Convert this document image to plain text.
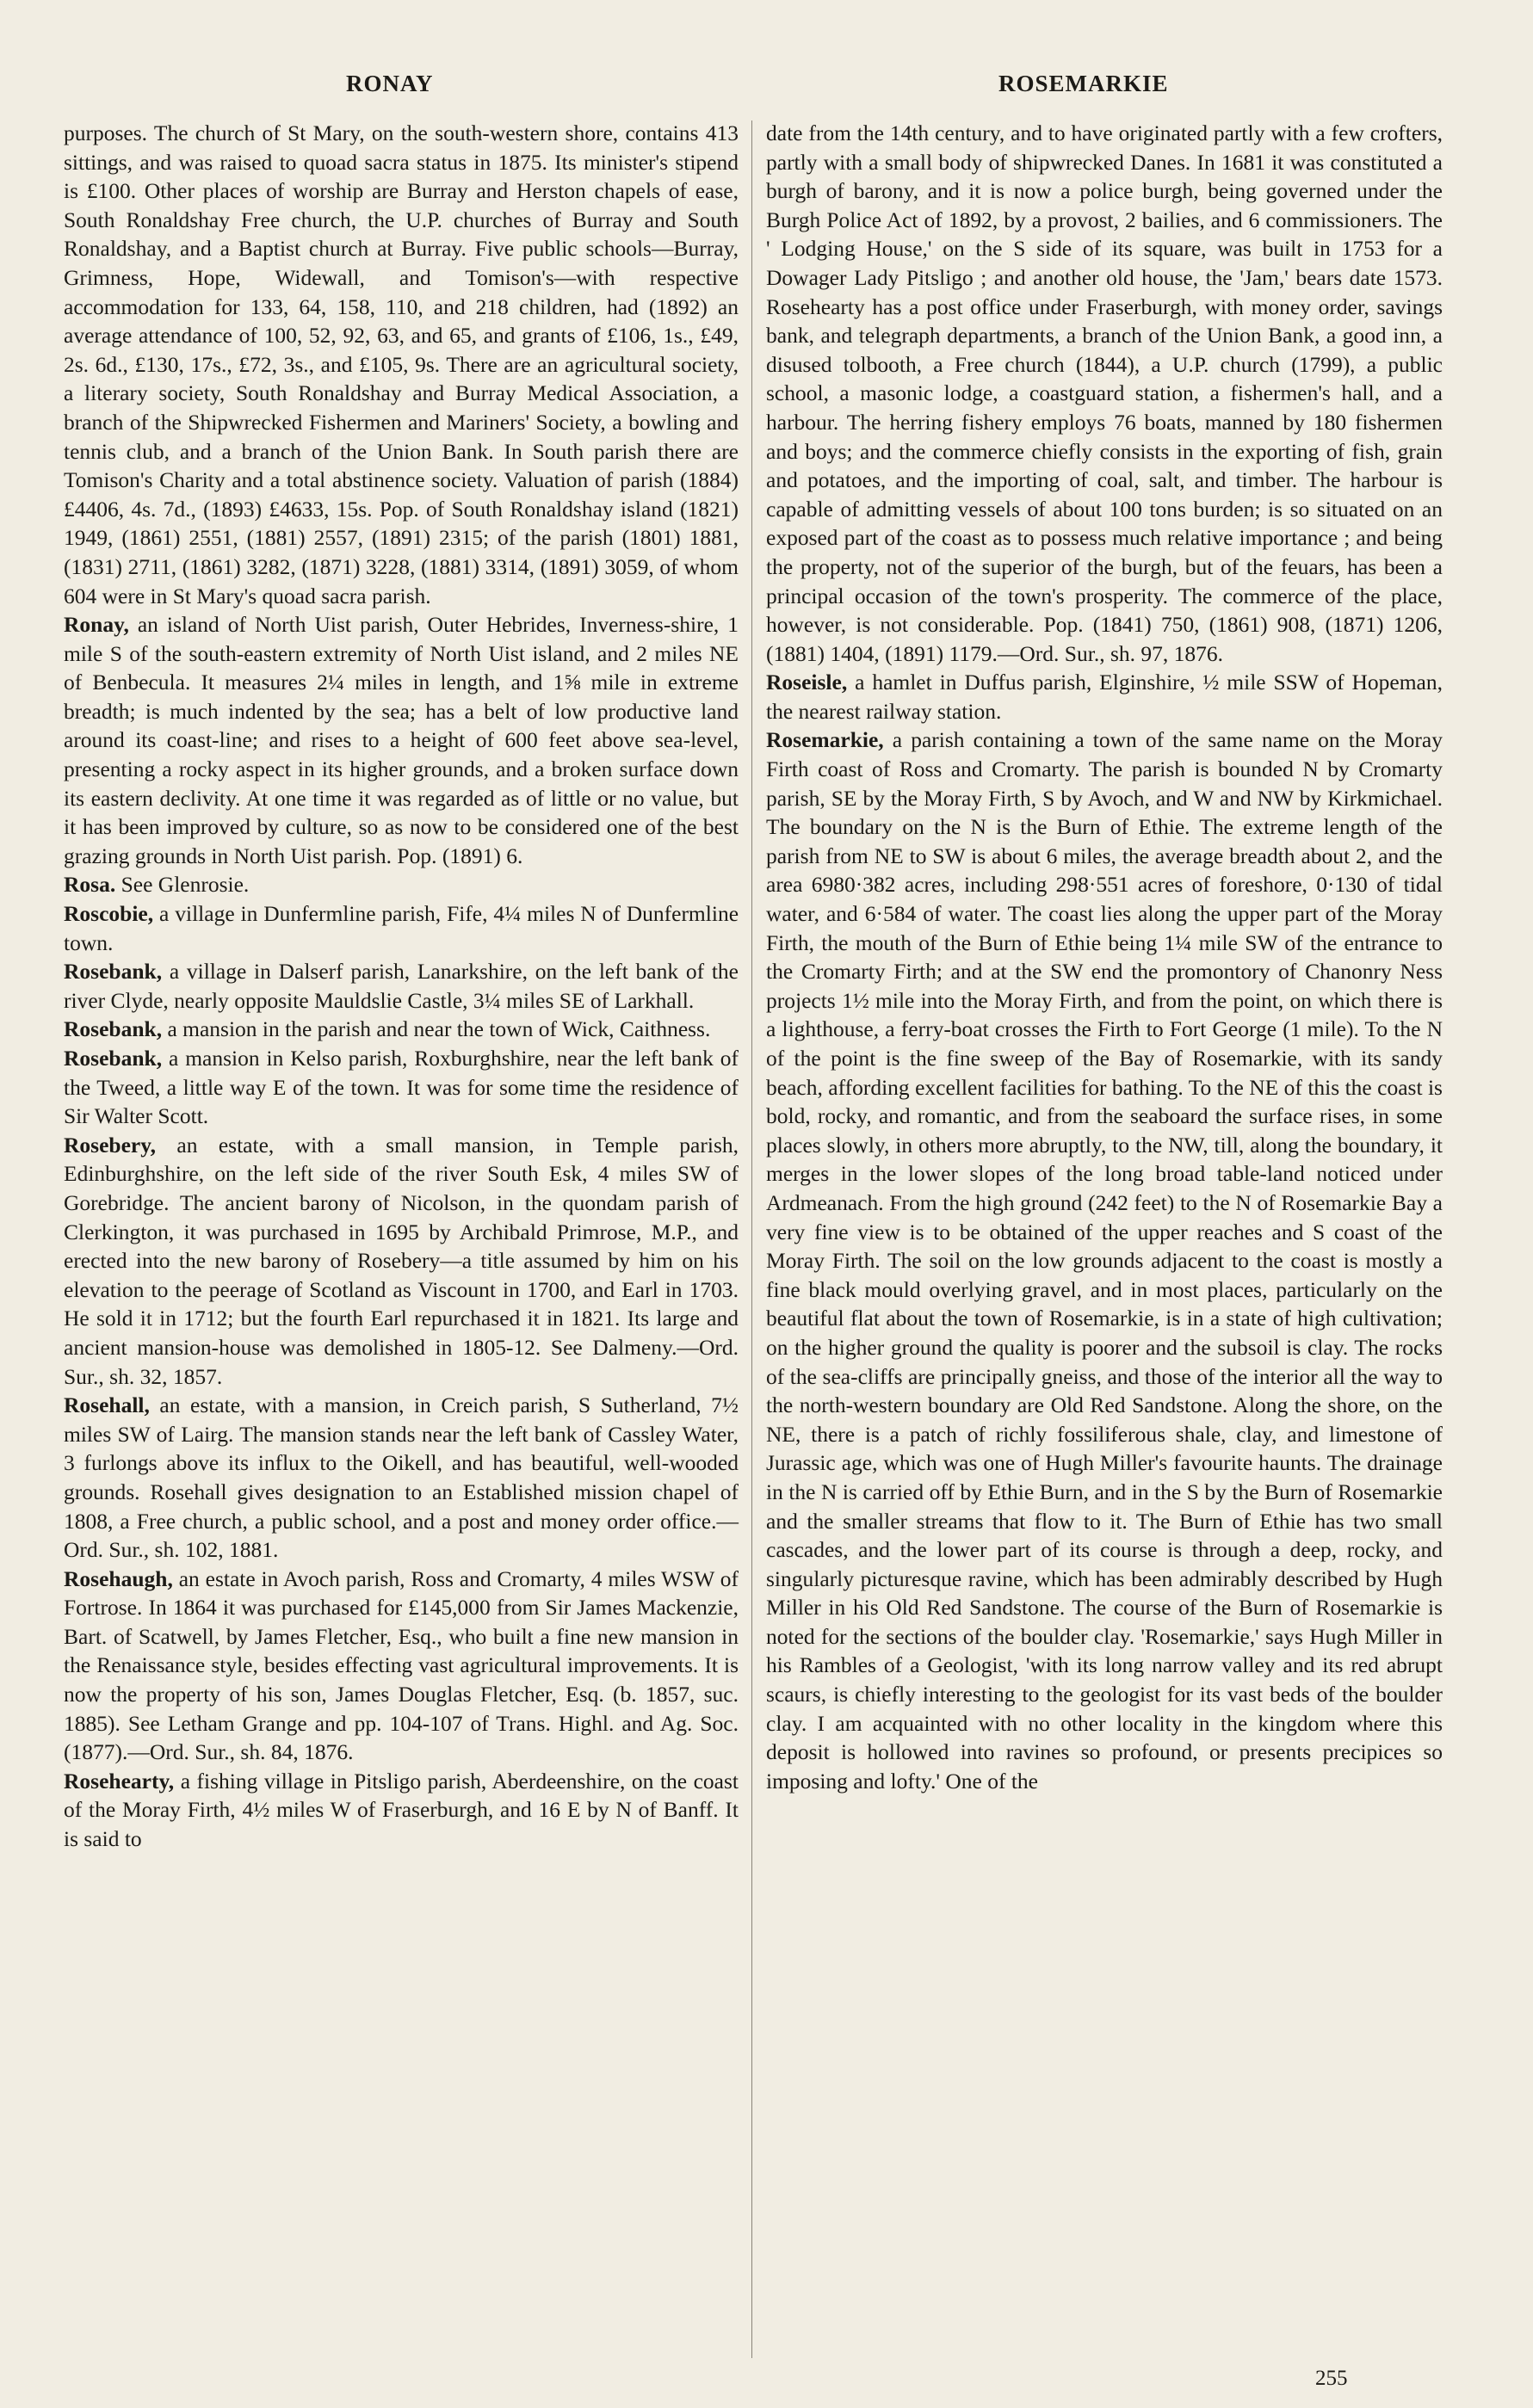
RONAY	ROSEMARKIE

purposes. The church of St Mary, on the south-western shore, contains 413 sittings, and was raised to quoad sacra status in 1875. Its minister's stipend is £100. Other places of worship are Burray and Herston chapels of ease, South Ronaldshay Free church, the U.P. churches of Burray and South Ronaldshay, and a Baptist church at Burray. Five public schools—Burray, Grimness, Hope, Widewall, and Tomison's—with respective accommodation for 133, 64, 158, 110, and 218 children, had (1892) an average attendance of 100, 52, 92, 63, and 65, and grants of £106, 1s., £49, 2s. 6d., £130, 17s., £72, 3s., and £105, 9s. There are an agricultural society, a literary society, South Ronaldshay and Burray Medical Association, a branch of the Shipwrecked Fishermen and Mariners' Society, a bowling and tennis club, and a branch of the Union Bank. In South parish there are Tomison's Charity and a total abstinence society. Valuation of parish (1884) £4406, 4s. 7d., (1893) £4633, 15s. Pop. of South Ronaldshay island (1821) 1949, (1861) 2551, (1881) 2557, (1891) 2315; of the parish (1801) 1881, (1831) 2711, (1861) 3282, (1871) 3228, (1881) 3314, (1891) 3059, of whom 604 were in St Mary's quoad sacra parish.

Ronay, an island of North Uist parish, Outer Hebrides, Inverness-shire, 1 mile S of the south-eastern extremity of North Uist island, and 2 miles NE of Benbecula. It measures 2¼ miles in length, and 1⅝ mile in extreme breadth; is much indented by the sea; has a belt of low productive land around its coast-line; and rises to a height of 600 feet above sea-level, presenting a rocky aspect in its higher grounds, and a broken surface down its eastern declivity. At one time it was regarded as of little or no value, but it has been improved by culture, so as now to be considered one of the best grazing grounds in North Uist parish. Pop. (1891) 6.

Rosa. See Glenrosie.

Roscobie, a village in Dunfermline parish, Fife, 4¼ miles N of Dunfermline town.

Rosebank, a village in Dalserf parish, Lanarkshire, on the left bank of the river Clyde, nearly opposite Mauldslie Castle, 3¼ miles SE of Larkhall.

Rosebank, a mansion in the parish and near the town of Wick, Caithness.

Rosebank, a mansion in Kelso parish, Roxburghshire, near the left bank of the Tweed, a little way E of the town. It was for some time the residence of Sir Walter Scott.

Rosebery, an estate, with a small mansion, in Temple parish, Edinburghshire, on the left side of the river South Esk, 4 miles SW of Gorebridge. The ancient barony of Nicolson, in the quondam parish of Clerkington, it was purchased in 1695 by Archibald Primrose, M.P., and erected into the new barony of Rosebery—a title assumed by him on his elevation to the peerage of Scotland as Viscount in 1700, and Earl in 1703. He sold it in 1712; but the fourth Earl repurchased it in 1821. Its large and ancient mansion-house was demolished in 1805-12. See Dalmeny.—Ord. Sur., sh. 32, 1857.

Rosehall, an estate, with a mansion, in Creich parish, S Sutherland, 7½ miles SW of Lairg. The mansion stands near the left bank of Cassley Water, 3 furlongs above its influx to the Oikell, and has beautiful, well-wooded grounds. Rosehall gives designation to an Established mission chapel of 1808, a Free church, a public school, and a post and money order office.—Ord. Sur., sh. 102, 1881.

Rosehaugh, an estate in Avoch parish, Ross and Cromarty, 4 miles WSW of Fortrose. In 1864 it was purchased for £145,000 from Sir James Mackenzie, Bart. of Scatwell, by James Fletcher, Esq., who built a fine new mansion in the Renaissance style, besides effecting vast agricultural improvements. It is now the property of his son, James Douglas Fletcher, Esq. (b. 1857, suc. 1885). See Letham Grange and pp. 104-107 of Trans. Highl. and Ag. Soc. (1877).—Ord. Sur., sh. 84, 1876.

Rosehearty, a fishing village in Pitsligo parish, Aberdeenshire, on the coast of the Moray Firth, 4½ miles W of Fraserburgh, and 16 E by N of Banff. It is said to

date from the 14th century, and to have originated partly with a few crofters, partly with a small body of shipwrecked Danes. In 1681 it was constituted a burgh of barony, and it is now a police burgh, being governed under the Burgh Police Act of 1892, by a provost, 2 bailies, and 6 commissioners. The ' Lodging House,' on the S side of its square, was built in 1753 for a Dowager Lady Pitsligo ; and another old house, the 'Jam,' bears date 1573. Rosehearty has a post office under Fraserburgh, with money order, savings bank, and telegraph departments, a branch of the Union Bank, a good inn, a disused tolbooth, a Free church (1844), a U.P. church (1799), a public school, a masonic lodge, a coastguard station, a fishermen's hall, and a harbour. The herring fishery employs 76 boats, manned by 180 fishermen and boys; and the commerce chiefly consists in the exporting of fish, grain and potatoes, and the importing of coal, salt, and timber. The harbour is capable of admitting vessels of about 100 tons burden; is so situated on an exposed part of the coast as to possess much relative importance ; and being the property, not of the superior of the burgh, but of the feuars, has been a principal occasion of the town's prosperity. The commerce of the place, however, is not considerable. Pop. (1841) 750, (1861) 908, (1871) 1206, (1881) 1404, (1891) 1179.—Ord. Sur., sh. 97, 1876.

Roseisle, a hamlet in Duffus parish, Elginshire, ½ mile SSW of Hopeman, the nearest railway station.

Rosemarkie, a parish containing a town of the same name on the Moray Firth coast of Ross and Cromarty. The parish is bounded N by Cromarty parish, SE by the Moray Firth, S by Avoch, and W and NW by Kirkmichael. The boundary on the N is the Burn of Ethie. The extreme length of the parish from NE to SW is about 6 miles, the average breadth about 2, and the area 6980·382 acres, including 298·551 acres of foreshore, 0·130 of tidal water, and 6·584 of water. The coast lies along the upper part of the Moray Firth, the mouth of the Burn of Ethie being 1¼ mile SW of the entrance to the Cromarty Firth; and at the SW end the promontory of Chanonry Ness projects 1½ mile into the Moray Firth, and from the point, on which there is a lighthouse, a ferry-boat crosses the Firth to Fort George (1 mile). To the N of the point is the fine sweep of the Bay of Rosemarkie, with its sandy beach, affording excellent facilities for bathing. To the NE of this the coast is bold, rocky, and romantic, and from the seaboard the surface rises, in some places slowly, in others more abruptly, to the NW, till, along the boundary, it merges in the lower slopes of the long broad table-land noticed under Ardmeanach. From the high ground (242 feet) to the N of Rosemarkie Bay a very fine view is to be obtained of the upper reaches and S coast of the Moray Firth. The soil on the low grounds adjacent to the coast is mostly a fine black mould overlying gravel, and in most places, particularly on the beautiful flat about the town of Rosemarkie, is in a state of high cultivation; on the higher ground the quality is poorer and the subsoil is clay. The rocks of the sea-cliffs are principally gneiss, and those of the interior all the way to the north-western boundary are Old Red Sandstone. Along the shore, on the NE, there is a patch of richly fossiliferous shale, clay, and limestone of Jurassic age, which was one of Hugh Miller's favourite haunts. The drainage in the N is carried off by Ethie Burn, and in the S by the Burn of Rosemarkie and the smaller streams that flow to it. The Burn of Ethie has two small cascades, and the lower part of its course is through a deep, rocky, and singularly picturesque ravine, which has been admirably described by Hugh Miller in his Old Red Sandstone. The course of the Burn of Rosemarkie is noted for the sections of the boulder clay. 'Rosemarkie,' says Hugh Miller in his Rambles of a Geologist, 'with its long narrow valley and its red abrupt scaurs, is chiefly interesting to the geologist for its vast beds of the boulder clay. I am acquainted with no other locality in the kingdom where this deposit is hollowed into ravines so profound, or presents precipices so imposing and lofty.' One of the

255
